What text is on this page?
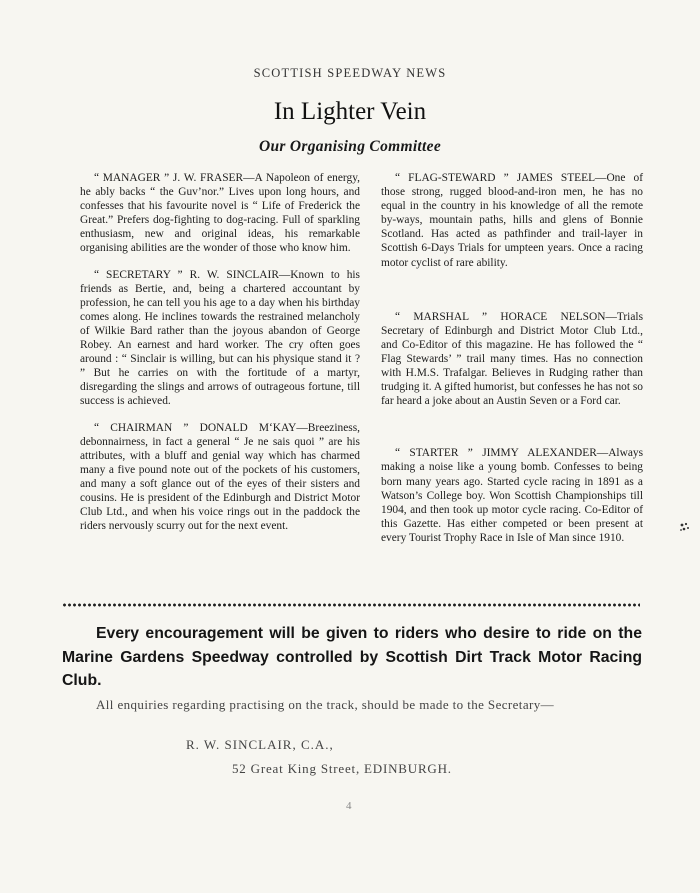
SCOTTISH SPEEDWAY NEWS
In Lighter Vein
Our Organising Committee

“ MANAGER ” J. W. FRASER—A Napoleon of energy, he ably backs “ the Guv’nor.” Lives upon long hours, and confesses that his favourite novel is “ Life of Frederick the Great.” Prefers dog-fighting to dog-racing. Full of sparkling enthusiasm, new and original ideas, his remarkable organising abilities are the wonder of those who know him.

“ SECRETARY ” R. W. SINCLAIR—Known to his friends as Bertie, and, being a chartered accountant by profession, he can tell you his age to a day when his birthday comes along. He inclines towards the restrained melancholy of Wilkie Bard rather than the joyous abandon of George Robey. An earnest and hard worker. The cry often goes around : “ Sinclair is willing, but can his physique stand it ? ” But he carries on with the fortitude of a martyr, disregarding the slings and arrows of outrageous fortune, till success is achieved.

“ CHAIRMAN ” DONALD M‘KAY—Breeziness, debonnairness, in fact a general “ Je ne sais quoi ” are his attributes, with a bluff and genial way which has charmed many a five pound note out of the pockets of his customers, and many a soft glance out of the eyes of their sisters and cousins. He is president of the Edinburgh and District Motor Club Ltd., and when his voice rings out in the paddock the riders nervously scurry out for the next event.

“ FLAG-STEWARD ” JAMES STEEL—One of those strong, rugged blood-and-iron men, he has no equal in the country in his knowledge of all the remote by-ways, mountain paths, hills and glens of Bonnie Scotland. Has acted as pathfinder and trail-layer in Scottish 6-Days Trials for umpteen years. Once a racing motor cyclist of rare ability.

“ MARSHAL ” HORACE NELSON—Trials Secretary of Edinburgh and District Motor Club Ltd., and Co-Editor of this magazine. He has followed the “ Flag Stewards’ ” trail many times. Has no connection with H.M.S. Trafalgar. Believes in Rudging rather than trudging it. A gifted humorist, but confesses he has not so far heard a joke about an Austin Seven or a Ford car.

“ STARTER ” JIMMY ALEXANDER—Always making a noise like a young bomb. Confesses to being born many years ago. Started cycle racing in 1891 as a Watson’s College boy. Won Scottish Championships till 1904, and then took up motor cycle racing. Co-Editor of this Gazette. Has either competed or been present at every Tourist Trophy Race in Isle of Man since 1910.

Every encouragement will be given to riders who desire to ride on the Marine Gardens Speedway controlled by Scottish Dirt Track Motor Racing Club.

All enquiries regarding practising on the track, should be made to the Secretary—

R. W. SINCLAIR, C.A.,
52 Great King Street, EDINBURGH.
4
